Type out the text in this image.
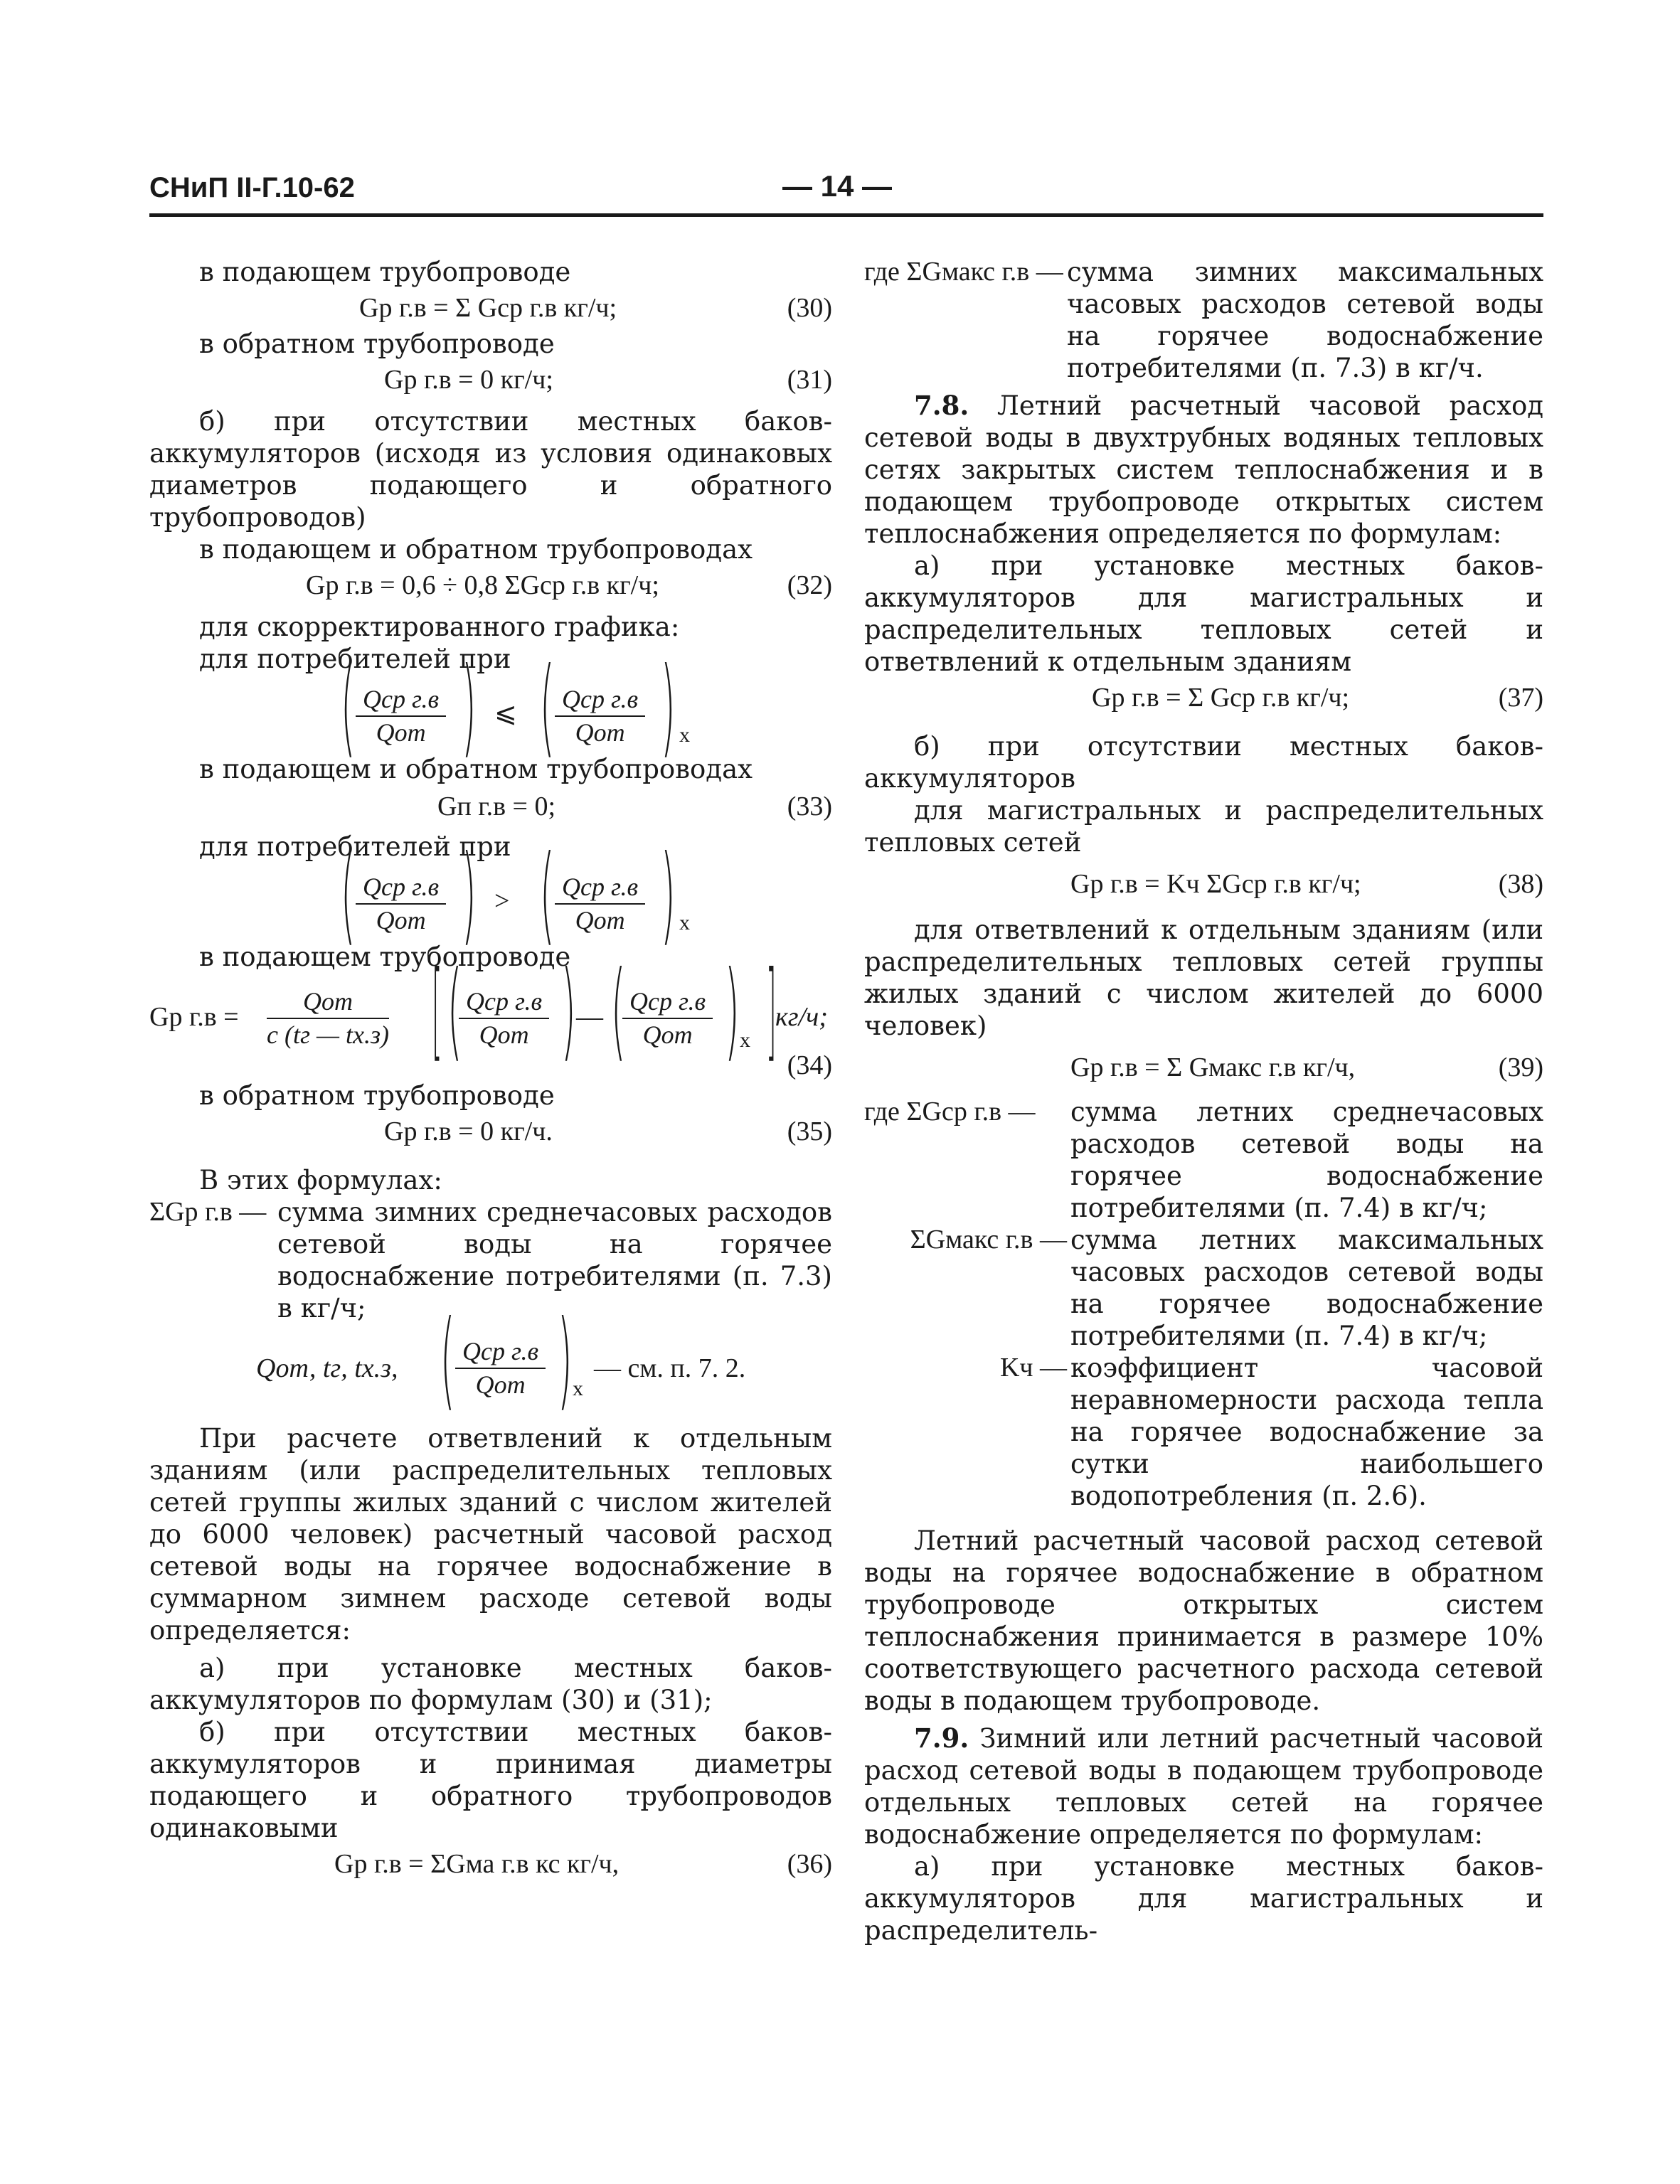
СНиП II-Г.10-62	— 14 —

в подающем трубопроводе

Gр г.в = Σ Gср г.в кг/ч;	(30)

в обратном трубопроводе

Gр г.в = 0 кг/ч;	(31)

б) при отсутствии местных баков-аккумуляторов (исходя из условия одинаковых диаметров подающего и обратного трубопроводов)

в подающем и обратном трубопроводах

Gр г.в = 0,6 ÷ 0,8 ΣGср г.в кг/ч;	(32)

для скорректированного графика:

для потребителей при

( Qср г.в
Qот ) ⩽ ( Qср г.в
Qот ) х

в подающем и обратном трубопроводах

Gп г.в = 0;	(33)

для потребителей при

( Qср г.в
Qот ) > ( Qср г.в
Qот ) х

в подающем трубопроводе

Gр г.в =
Qот
c (tг — tх.з) [ ( Qср г.в
Qот ) — ( Qср г.в
Qот ) х ]
кг/ч;
(34)

в обратном трубопроводе

Gр г.в = 0 кг/ч.	(35)

В этих формулах:

ΣGр г.в — сумма зимних среднечасовых расходов сетевой воды на горячее водоснабжение потребителями (п. 7.3) в кг/ч;

Qот, tг, tх.з, ( Qср г.в
Qот ) х
— см. п. 7. 2.

При расчете ответвлений к отдельным зданиям (или распределительных тепловых сетей группы жилых зданий с числом жителей до 6000 человек) расчетный часовой расход сетевой воды на горячее водоснабжение в суммарном зимнем расходе сетевой воды определяется:

а) при установке местных баков-аккумуляторов по формулам (30) и (31);

б) при отсутствии местных баков-аккумуляторов и принимая диаметры подающего и обратного трубопроводов одинаковыми

Gр г.в = ΣGма г.в кс кг/ч,	(36)
где ΣGмакс г.в — сумма зимних максимальных часовых расходов сетевой воды на горячее водоснабжение потребителями (п. 7.3) в кг/ч.

7.8. Летний расчетный часовой расход сетевой воды в двухтрубных водяных тепловых сетях закрытых систем теплоснабжения и в подающем трубопроводе открытых систем теплоснабжения определяется по формулам:

а) при установке местных баков-аккумуляторов для магистральных и распределительных тепловых сетей и ответвлений к отдельным зданиям

Gр г.в = Σ Gср г.в кг/ч;	(37)

б) при отсутствии местных баков-аккумуляторов

для магистральных и распределительных тепловых сетей

Gр г.в = Kч ΣGср г.в кг/ч;	(38)

для ответвлений к отдельным зданиям (или распределительных тепловых сетей группы жилых зданий с числом жителей до 6000 человек)

Gр г.в = Σ Gмакс г.в кг/ч,	(39)
где ΣGср г.в —	сумма летних среднечасовых расходов сетевой воды на горячее водоснабжение потребителями (п. 7.4) в кг/ч;

ΣGмакс г.в — сумма летних максимальных часовых расходов сетевой воды на горячее водоснабжение потребителями (п. 7.4) в кг/ч;

Kч — коэффициент часовой неравномерности расхода тепла на горячее водоснабжение за сутки наибольшего водопотребления (п. 2.6).

Летний расчетный часовой расход сетевой воды на горячее водоснабжение в обратном трубопроводе открытых систем теплоснабжения принимается в размере 10% соответствующего расчетного расхода сетевой воды в подающем трубопроводе.

7.9. Зимний или летний расчетный часовой расход сетевой воды в подающем трубопроводе отдельных тепловых сетей на горячее водоснабжение определяется по формулам:

а) при установке местных баков-аккумуляторов для магистральных и распределитель-
